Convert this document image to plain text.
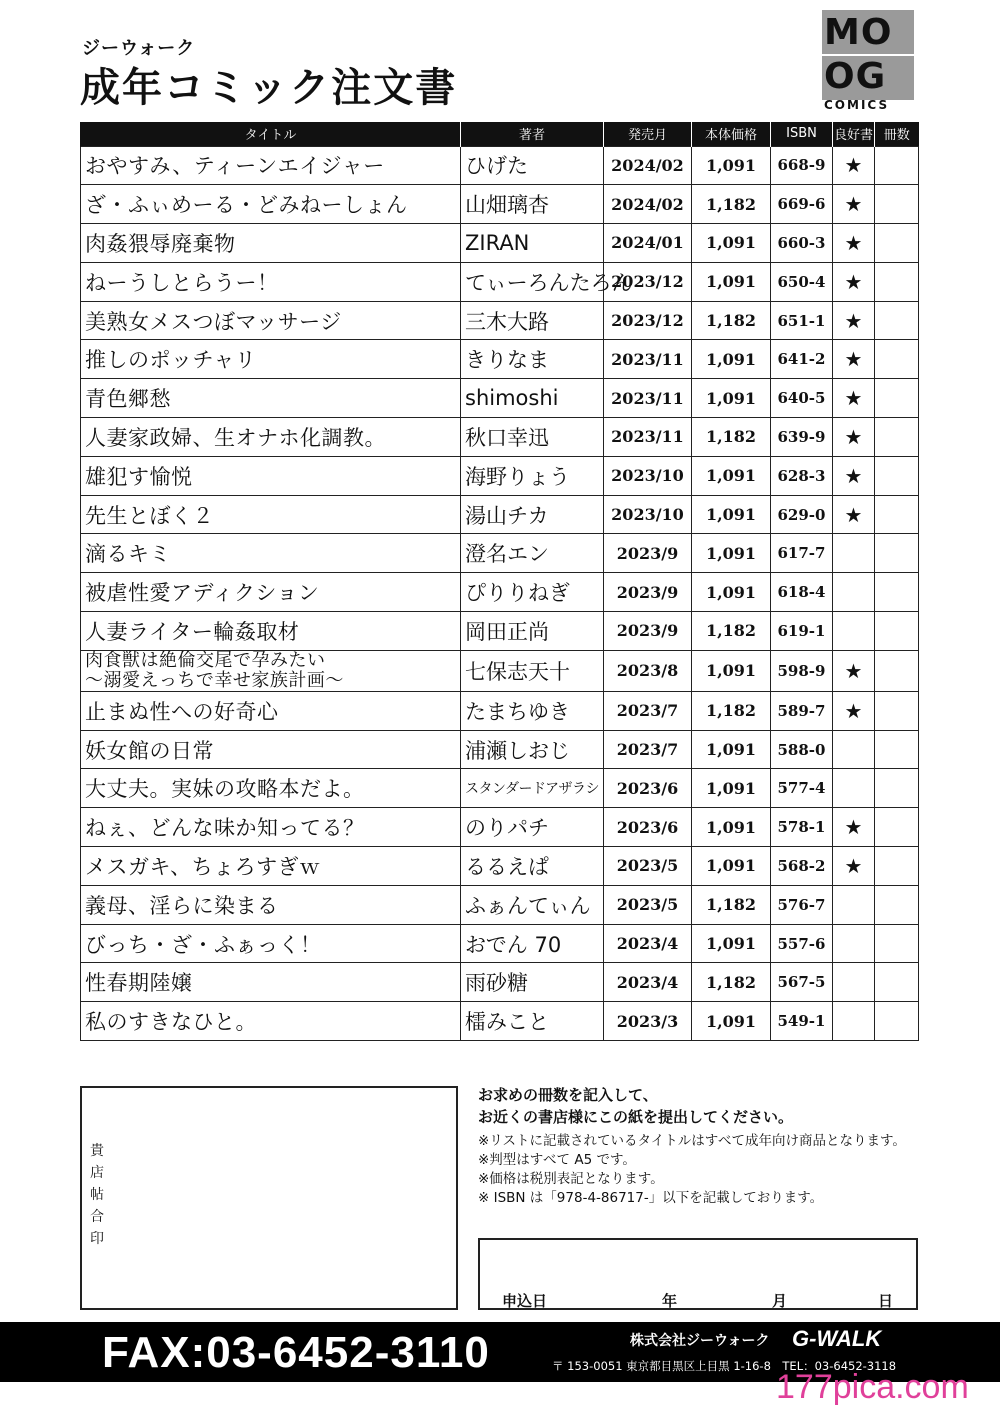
ジーウォーク
成年コミック注文書
MO
OG
COMICS
タイトル	著者	発売月	本体価格	ISBN	良好書	冊数
おやすみ、ティーンエイジャー	ひげた	2024/02	1,091	668-9	★	
ざ・ふぃめーる・どみねーしょん	山畑璃杏	2024/02	1,182	669-6	★	
肉姦猥辱廃棄物	ZIRAN	2024/01	1,091	660-3	★	
ねーうしとらうー！	てぃーろんたろん	2023/12	1,091	650-4	★	
美熟女メスつぼマッサージ	三木大路	2023/12	1,182	651-1	★	
推しのポッチャリ	きりなま	2023/11	1,091	641-2	★	
青色郷愁	shimoshi	2023/11	1,091	640-5	★	
人妻家政婦、生オナホ化調教。	秋口幸迅	2023/11	1,182	639-9	★	
雄犯す愉悦	海野りょう	2023/10	1,091	628-3	★	
先生とぼく２	湯山チカ	2023/10	1,091	629-0	★	
滴るキミ	澄名エン	2023/9	1,091	617-7		
被虐性愛アディクション	ぴりりねぎ	2023/9	1,091	618-4		
人妻ライター輪姦取材	岡田正尚	2023/9	1,182	619-1		
肉食獣は絶倫交尾で孕みたい
～溺愛えっちで幸せ家族計画～	七保志天十	2023/8	1,091	598-9	★	
止まぬ性への好奇心	たまちゆき	2023/7	1,182	589-7	★	
妖女館の日常	浦瀬しおじ	2023/7	1,091	588-0		
大丈夫。実妹の攻略本だよ。	スタンダードアザラシ	2023/6	1,091	577-4		
ねぇ、どんな味か知ってる？	のりパチ	2023/6	1,091	578-1	★	
メスガキ、ちょろすぎｗ	るるえぱ	2023/5	1,091	568-2	★	
義母、淫らに染まる	ふぁんてぃん	2023/5	1,182	576-7		
びっち・ざ・ふぁっく！	おでん 70	2023/4	1,091	557-6		
性春期陸嬢	雨砂糖	2023/4	1,182	567-5		
私のすきなひと。	檑みこと	2023/3	1,091	549-1		
貴
店
帖
合
印
お求めの冊数を記入して、
お近くの書店様にこの紙を提出してください。
※リストに記載されているタイトルはすべて成年向け商品となります。
※判型はすべて A5 です。
※価格は税別表記となります。
※ ISBN は「978-4-86717-」以下を記載しております。
申込日	年	月	日
FAX:03-6452-3110	株式会社ジーウォーク G-WALK
〒 153-0051 東京都目黒区上目黒 1-16-8　TEL：03-6452-3118
177pica.com
